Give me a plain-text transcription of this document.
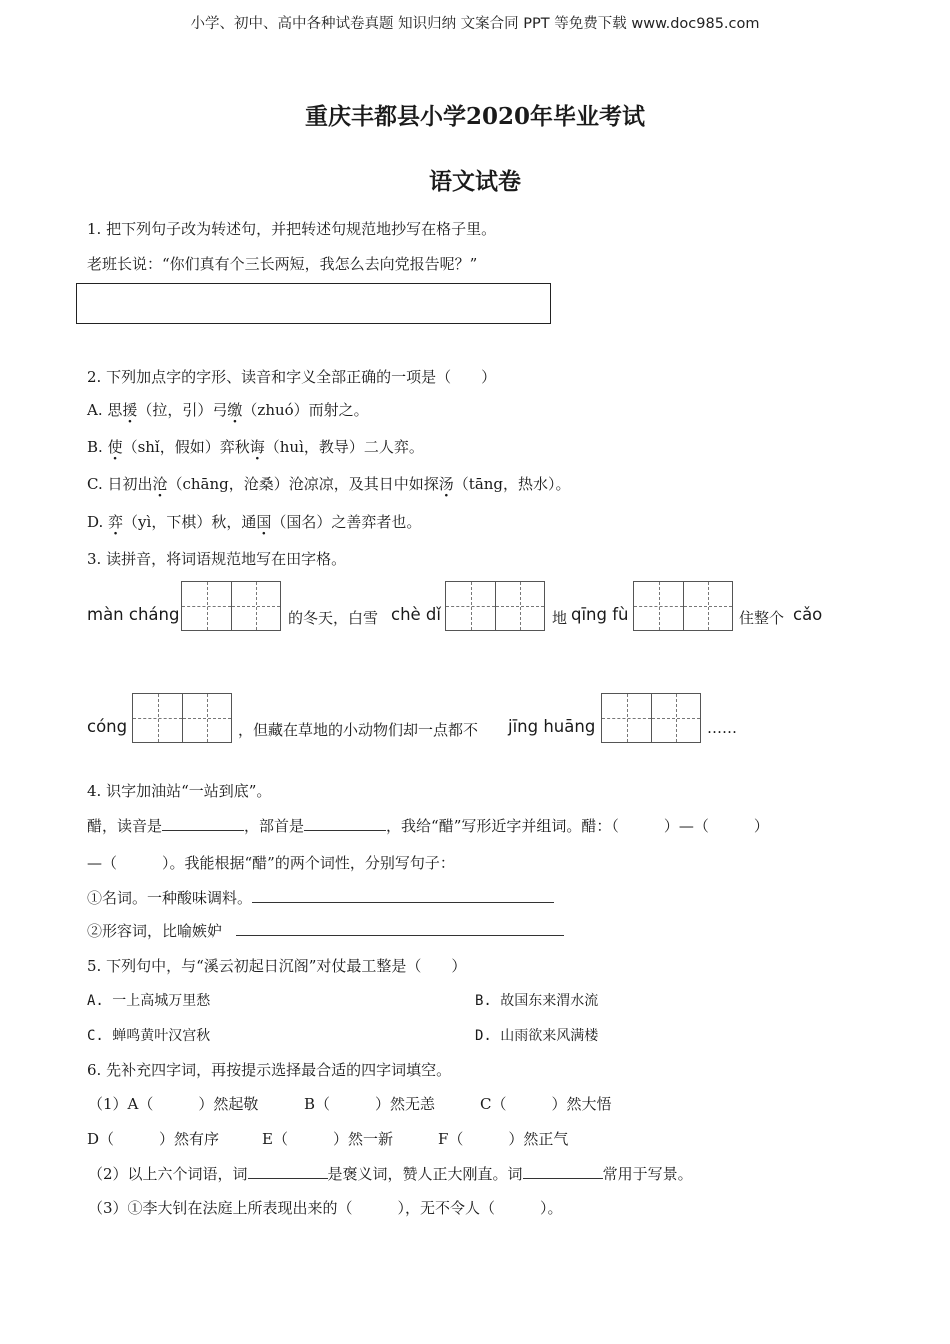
小学、初中、高中各种试卷真题 知识归纳 文案合同 PPT 等免费下载 www.doc985.com
重庆丰都县小学2020年毕业考试
语文试卷
1. 把下列句子改为转述句，并把转述句规范地抄写在格子里。
老班长说：“你们真有个三长两短，我怎么去向党报告呢？”
2. 下列加点字的字形、读音和字义全部正确的一项是（　　）
A. 思援（拉，引）弓缴（zhuó）而射之。
B. 使（shǐ，假如）弈秋诲（huì，教导）二人弈。
C. 日初出沧（chāng，沧桑）沧凉凉，及其日中如探汤（tāng，热水）。
D. 弈（yì，下棋）秋，通国（国名）之善弈者也。
3. 读拼音，将词语规范地写在田字格。
màn cháng	的冬天，白雪 chè dǐ	地 qīng fù	住整个 cǎo
cóng	，但藏在草地的小动物们却一点都不 jīng huāng	……
4. 识字加油站“一站到底”。
醋，读音是	，部首是	，我给“醋”写形近字并组词。醋：（　　　）—（　　　）
—（　　　）。我能根据“醋”的两个词性，分别写句子：
①名词。一种酸味调料。
②形容词，比喻嫉妒
5. 下列句中，与“溪云初起日沉阁”对仗最工整是（　　）
A. 一上高城万里愁	B. 故国东来渭水流
C. 蝉鸣黄叶汉宫秋	D. 山雨欲来风满楼
6. 先补充四字词，再按提示选择最合适的四字词填空。
（1）A（　　　）然起敬	B（　　　）然无恙	C（　　　）然大悟
D（　　　）然有序	E（　　　）然一新	F（　　　）然正气
（2）以上六个词语，词	是褒义词，赞人正大刚直。词	常用于写景。
（3）①李大钊在法庭上所表现出来的（　　　），无不令人（　　　）。
